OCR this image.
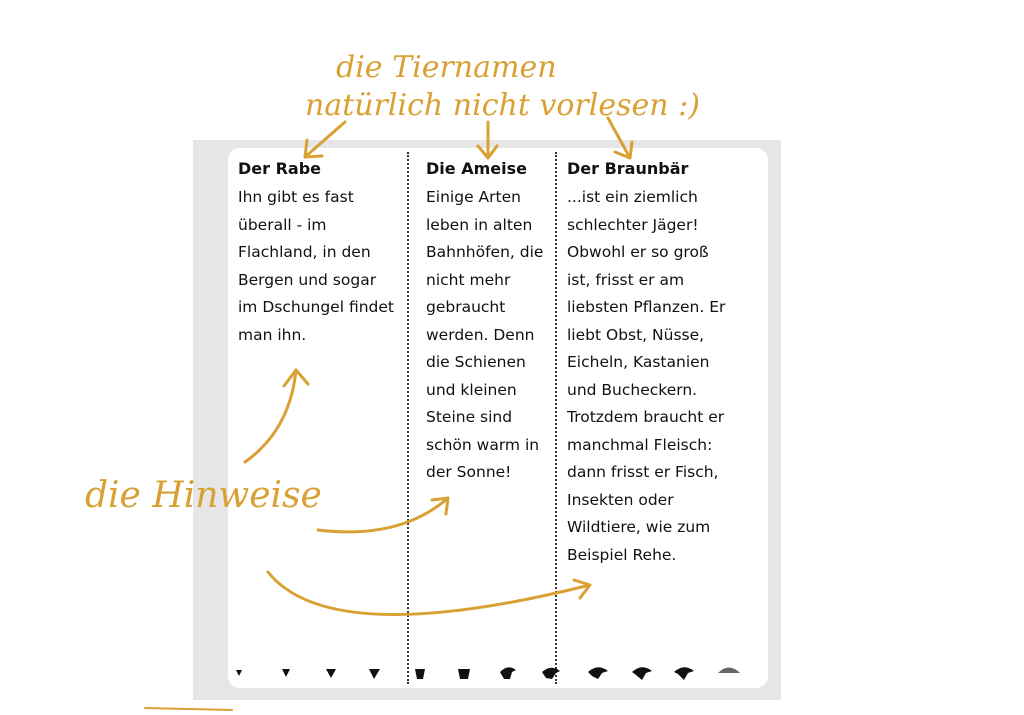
Der Rabe

Ihn gibt es fast
überall - im
Flachland, in den
Bergen und sogar
im Dschungel findet
man ihn.

Die Ameise

Einige Arten
leben in alten
Bahnhöfen, die
nicht mehr
gebraucht
werden. Denn
die Schienen
und kleinen
Steine sind
schön warm in
der Sonne!

Der Braunbär

...ist ein ziemlich
schlechter Jäger!
Obwohl er so groß
ist, frisst er am
liebsten Pflanzen. Er
liebt Obst, Nüsse,
Eicheln, Kastanien
und Bucheckern.
Trotzdem braucht er
manchmal Fleisch:
dann frisst er Fisch,
Insekten oder
Wildtiere, wie zum
Beispiel Rehe.

die Tiernamen
natürlich nicht vorlesen :)
die Hinweise
